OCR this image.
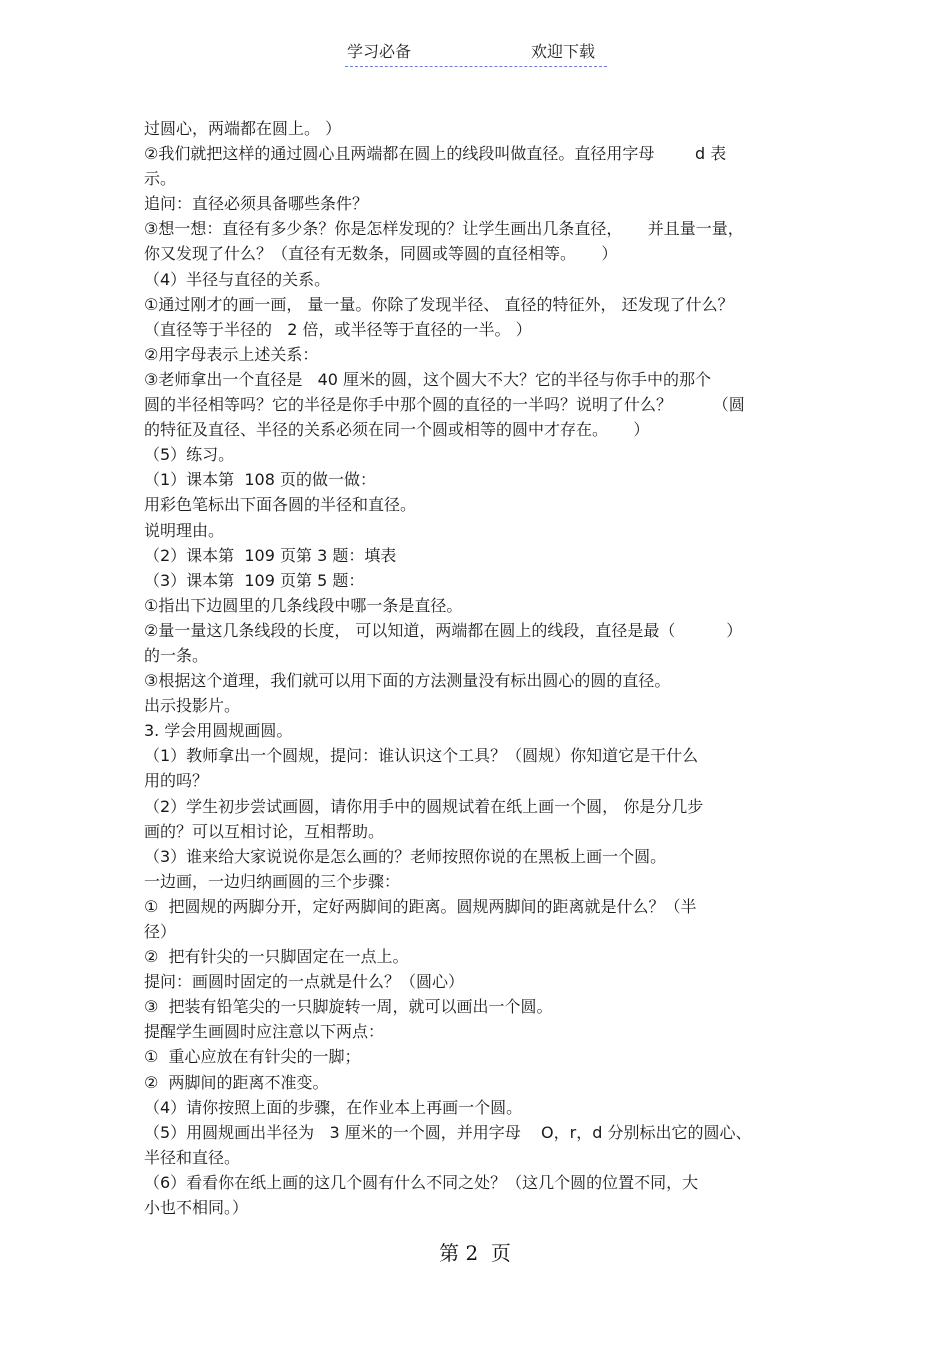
学习必备	欢迎下载
过圆心，两端都在圆上。 ）
②我们就把这样的通过圆心且两端都在圆上的线段叫做直径。直径用字母        d 表
示。
追问：直径必须具备哪些条件？
③想一想：直径有多少条？你是怎样发现的？让学生画出几条直径，     并且量一量，
你又发现了什么？（直径有无数条，同圆或等圆的直径相等。     ）
（4）半径与直径的关系。
①通过刚才的画一画， 量一量。你除了发现半径、 直径的特征外， 还发现了什么？
（直径等于半径的   2 倍，或半径等于直径的一半。 ）
②用字母表示上述关系：
③老师拿出一个直径是   40 厘米的圆，这个圆大不大？它的半径与你手中的那个
圆的半径相等吗？它的半径是你手中那个圆的直径的一半吗？说明了什么？        （圆
的特征及直径、半径的关系必须在同一个圆或相等的圆中才存在。     ）
（5）练习。
（1）课本第  108 页的做一做：
用彩色笔标出下面各圆的半径和直径。
说明理由。
（2）课本第  109 页第 3 题：填表
（3）课本第  109 页第 5 题：
①指出下边圆里的几条线段中哪一条是直径。
②量一量这几条线段的长度， 可以知道，两端都在圆上的线段，直径是最（          ）
的一条。
③根据这个道理，我们就可以用下面的方法测量没有标出圆心的圆的直径。
出示投影片。
3. 学会用圆规画圆。
（1）教师拿出一个圆规，提问：谁认识这个工具？（圆规）你知道它是干什么
用的吗？
（2）学生初步尝试画圆，请你用手中的圆规试着在纸上画一个圆， 你是分几步
画的？可以互相讨论，互相帮助。
（3）谁来给大家说说你是怎么画的？老师按照你说的在黑板上画一个圆。
一边画，一边归纳画圆的三个步骤：
①  把圆规的两脚分开，定好两脚间的距离。圆规两脚间的距离就是什么？（半
径）
②  把有针尖的一只脚固定在一点上。
提问：画圆时固定的一点就是什么？（圆心）
③  把装有铅笔尖的一只脚旋转一周，就可以画出一个圆。
提醒学生画圆时应注意以下两点：
①  重心应放在有针尖的一脚；
②  两脚间的距离不准变。
（4）请你按照上面的步骤，在作业本上再画一个圆。
（5）用圆规画出半径为   3 厘米的一个圆，并用字母    O，r，d 分别标出它的圆心、
半径和直径。
（6）看看你在纸上画的这几个圆有什么不同之处？（这几个圆的位置不同，大
小也不相同。）
第 2  页
